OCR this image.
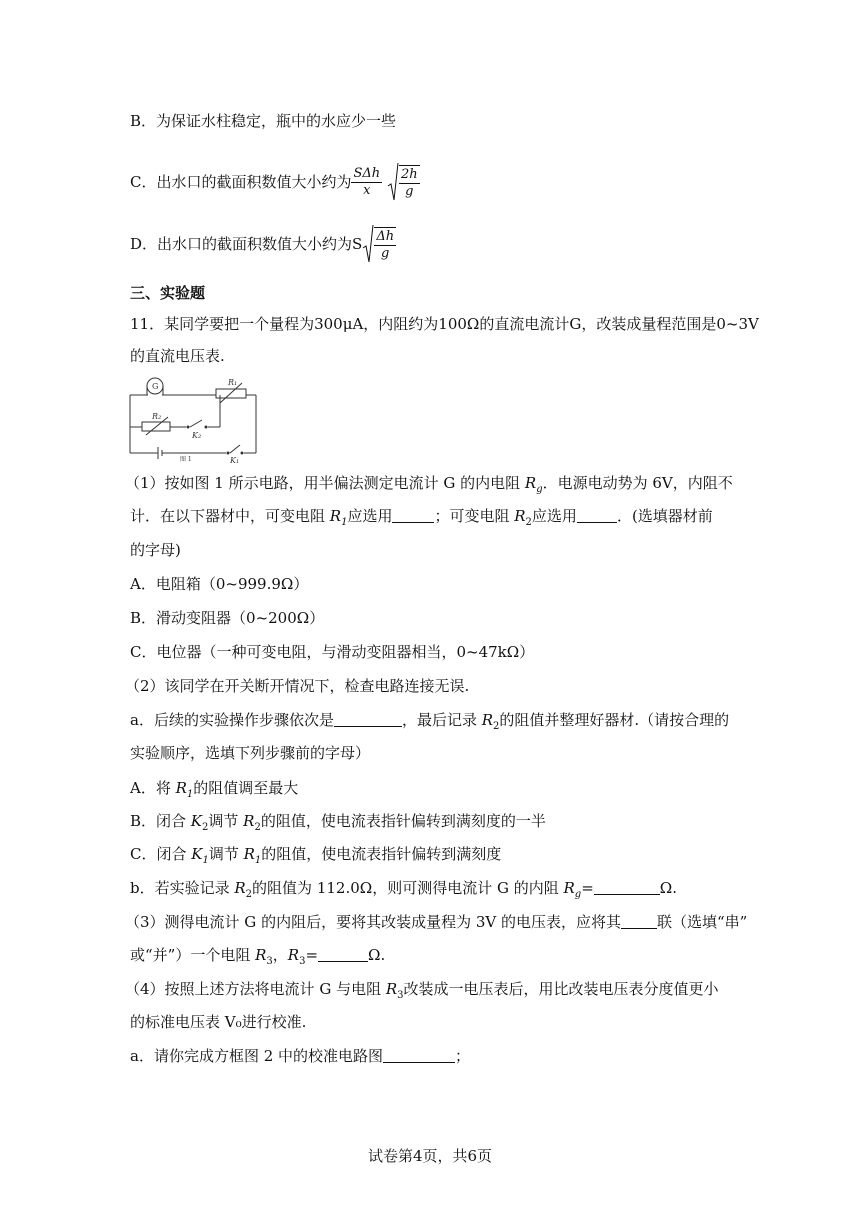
B．为保证水柱稳定，瓶中的水应少一些
C．出水口的截面积数值大小约为 $\frac{\text{SΔh}}{x}$
$\frac{2h}{g}$
D．出水口的截面积数值大小约为S $\frac{\Delta h}{g}$
三、实验题
11．某同学要把一个量程为300μA，内阻约为100Ω的直流电流计G，改装成量程范围是0~3V
的直流电压表.
G	R₁
R₂
K₂
K₁
图 1
（1）按如图 1 所示电路，用半偏法测定电流计 G 的内电阻 $R_g$．电源电动势为 6V，内阻不
计．在以下器材中，可变电阻 $R_1$应选用	；可变电阻 $R_2$应选用	．(选填器材前
的字母)
A．电阻箱（0~999.9Ω）
B．滑动变阻器（0~200Ω）
C．电位器（一种可变电阻，与滑动变阻器相当，0~47kΩ）
（2）该同学在开关断开情况下，检查电路连接无误.
a．后续的实验操作步骤依次是	，最后记录 $R_2$的阻值并整理好器材.（请按合理的
实验顺序，选填下列步骤前的字母）
A．将 $R_1$的阻值调至最大
B．闭合 $K_2$调节 $R_2$的阻值，使电流表指针偏转到满刻度的一半
C．闭合 $K_1$调节 $R_1$的阻值，使电流表指针偏转到满刻度
b．若实验记录 $R_2$的阻值为 112.0Ω，则可测得电流计 G 的内阻 $R_g=$	Ω.
（3）测得电流计 G 的内阻后，要将其改装成量程为 3V 的电压表，应将其 联（选填“串”
或“并”）一个电阻 $R_3$，$R_3=$	Ω.
（4）按照上述方法将电流计 G 与电阻 $R_3$改装成一电压表后，用比改装电压表分度值更小
的标准电压表 V₀进行校准.
a．请你完成方框图 2 中的校准电路图	；
试卷第4页，共6页
